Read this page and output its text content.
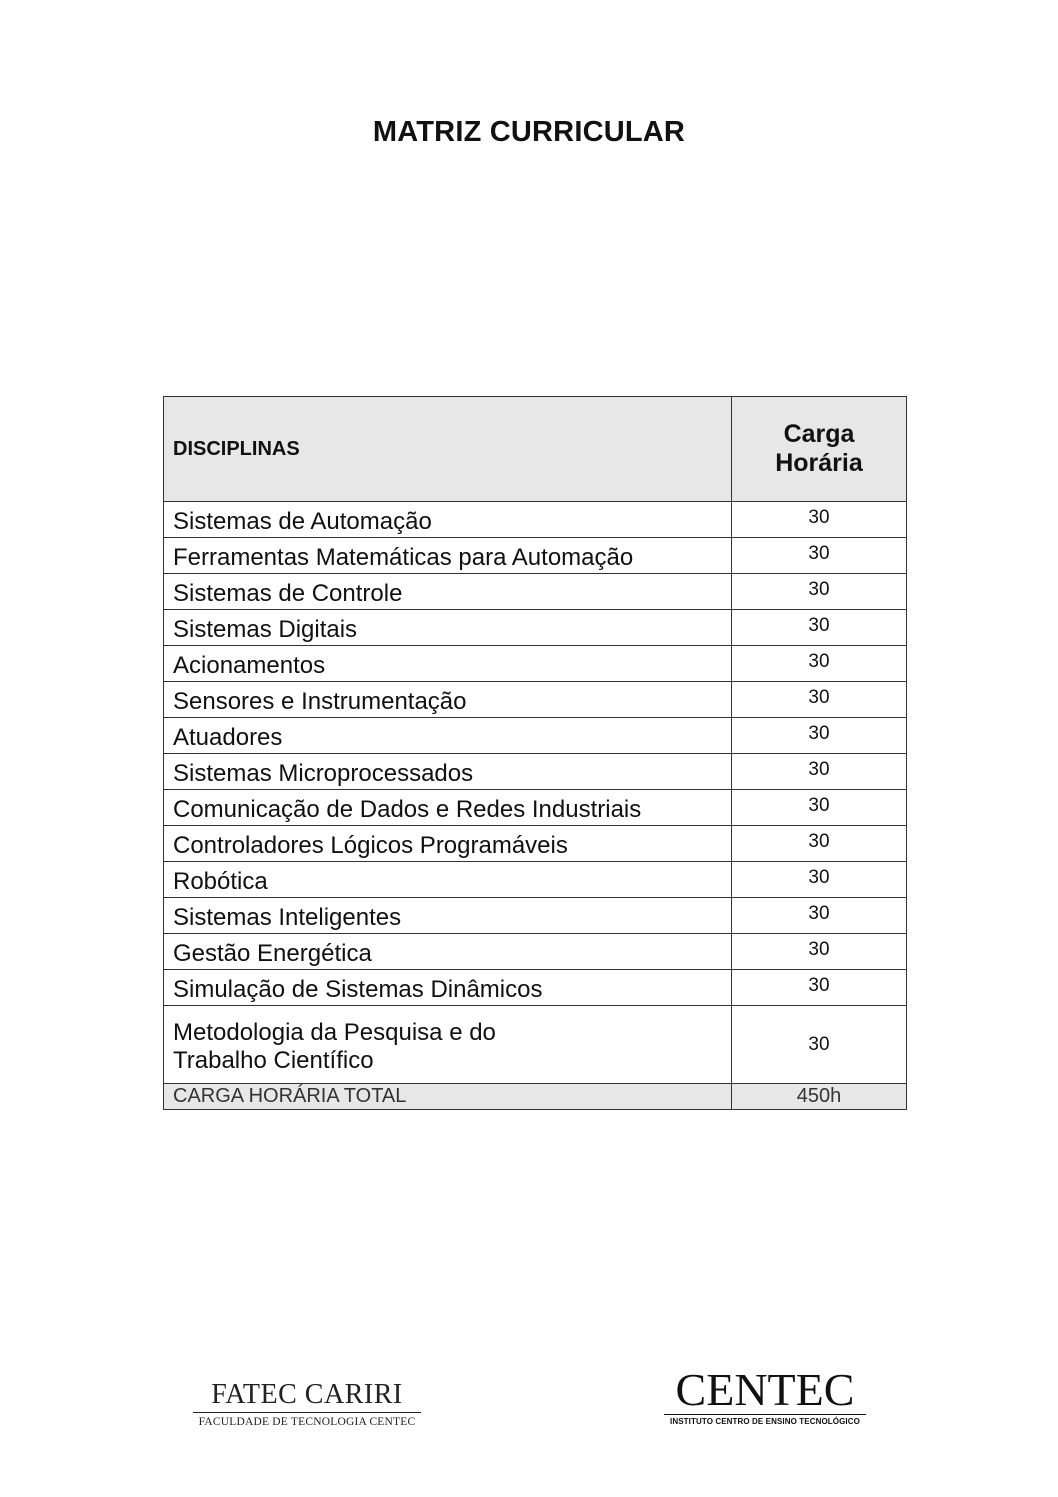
MATRIZ CURRICULAR
DISCIPLINAS	Carga
Horária

Sistemas de Automação	30
Ferramentas Matemáticas para Automação	30
Sistemas de Controle	30
Sistemas Digitais	30
Acionamentos	30
Sensores e Instrumentação	30
Atuadores	30
Sistemas Microprocessados	30
Comunicação de Dados e Redes Industriais	30
Controladores Lógicos Programáveis	30
Robótica	30
Sistemas Inteligentes	30
Gestão Energética	30
Simulação de Sistemas Dinâmicos	30

Metodologia da Pesquisa e do
Trabalho Científico	30
CARGA HORÁRIA TOTAL	450h
FATEC CARIRI
FACULDADE DE TECNOLOGIA CENTEC
CENTEC
INSTITUTO CENTRO DE ENSINO TECNOLÓGICO
